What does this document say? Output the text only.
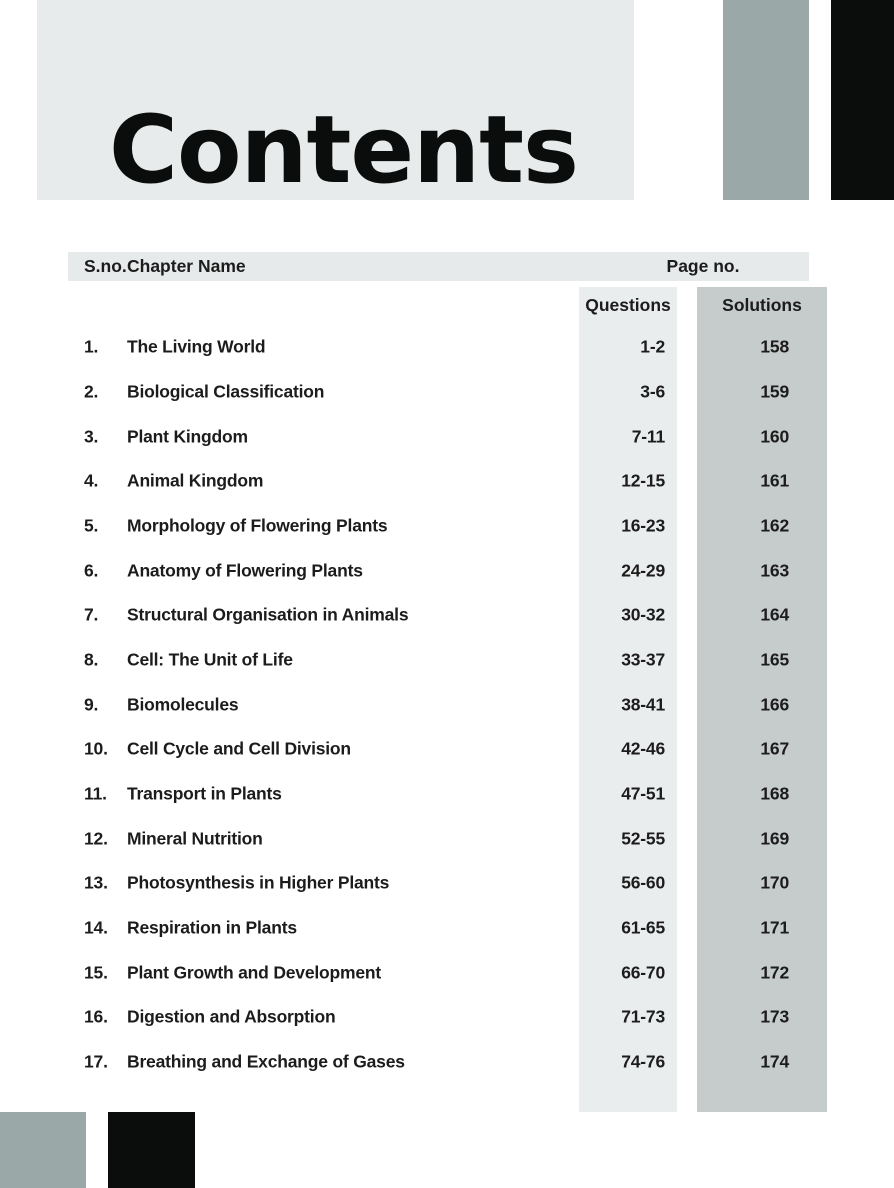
Contents
S.no. Chapter Name	Page no.
Questions	Solutions
1. The Living World	1-2	158
2. Biological Classification	3-6	159
3. Plant Kingdom	7-11	160
4. Animal Kingdom	12-15	161
5. Morphology of Flowering Plants	16-23	162
6. Anatomy of Flowering Plants	24-29	163
7. Structural Organisation in Animals	30-32	164
8. Cell: The Unit of Life	33-37	165
9. Biomolecules	38-41	166
10. Cell Cycle and Cell Division	42-46	167
11. Transport in Plants	47-51	168
12. Mineral Nutrition	52-55	169
13. Photosynthesis in Higher Plants	56-60	170
14. Respiration in Plants	61-65	171
15. Plant Growth and Development	66-70	172
16. Digestion and Absorption	71-73	173
17. Breathing and Exchange of Gases	74-76	174
